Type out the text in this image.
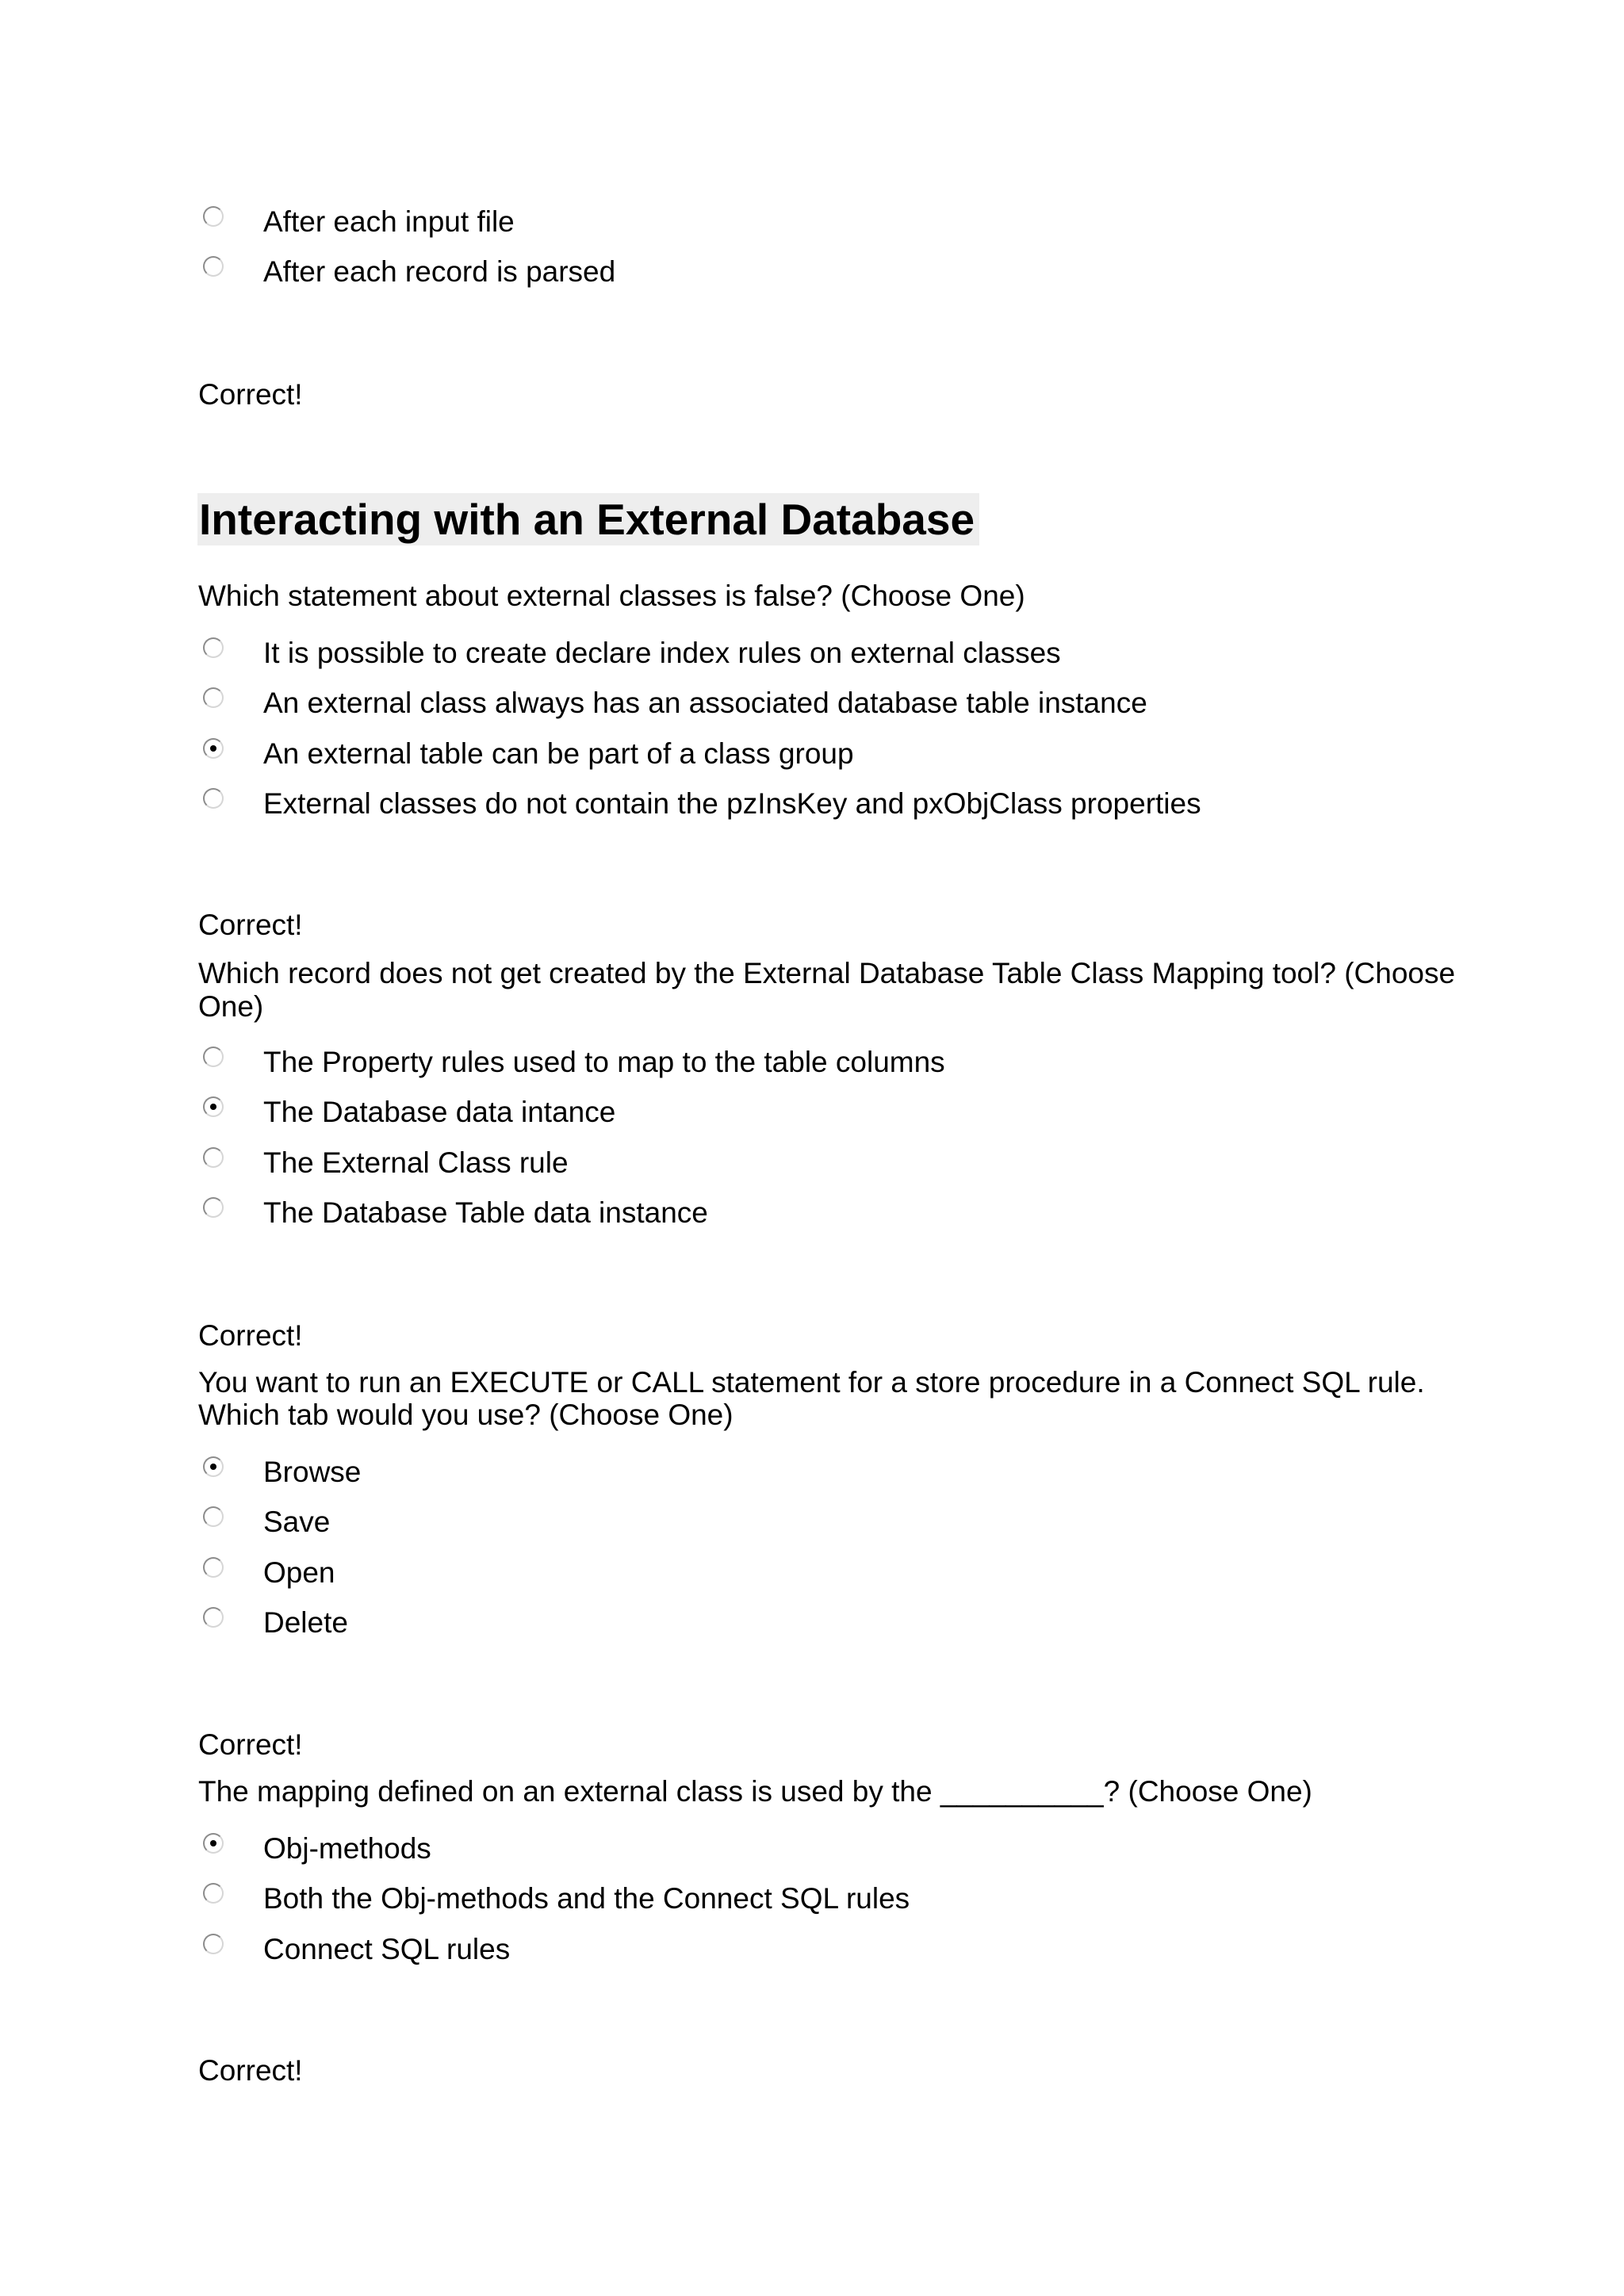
After each input file
After each record is parsed
Correct!
Interacting with an External Database
Which statement about external classes is false? (Choose One)
It is possible to create declare index rules on external classes
An external class always has an associated database table instance
An external table can be part of a class group
External classes do not contain the pzInsKey and pxObjClass properties
Correct!
Which record does not get created by the External Database Table Class Mapping tool? (Choose
One)
The Property rules used to map to the table columns
The Database data intance
The External Class rule
The Database Table data instance
Correct!
You want to run an EXECUTE or CALL statement for a store procedure in a Connect SQL rule.
Which tab would you use? (Choose One)
Browse
Save
Open
Delete
Correct!
The mapping defined on an external class is used by the __________? (Choose One)
Obj-methods
Both the Obj-methods and the Connect SQL rules
Connect SQL rules
Correct!
